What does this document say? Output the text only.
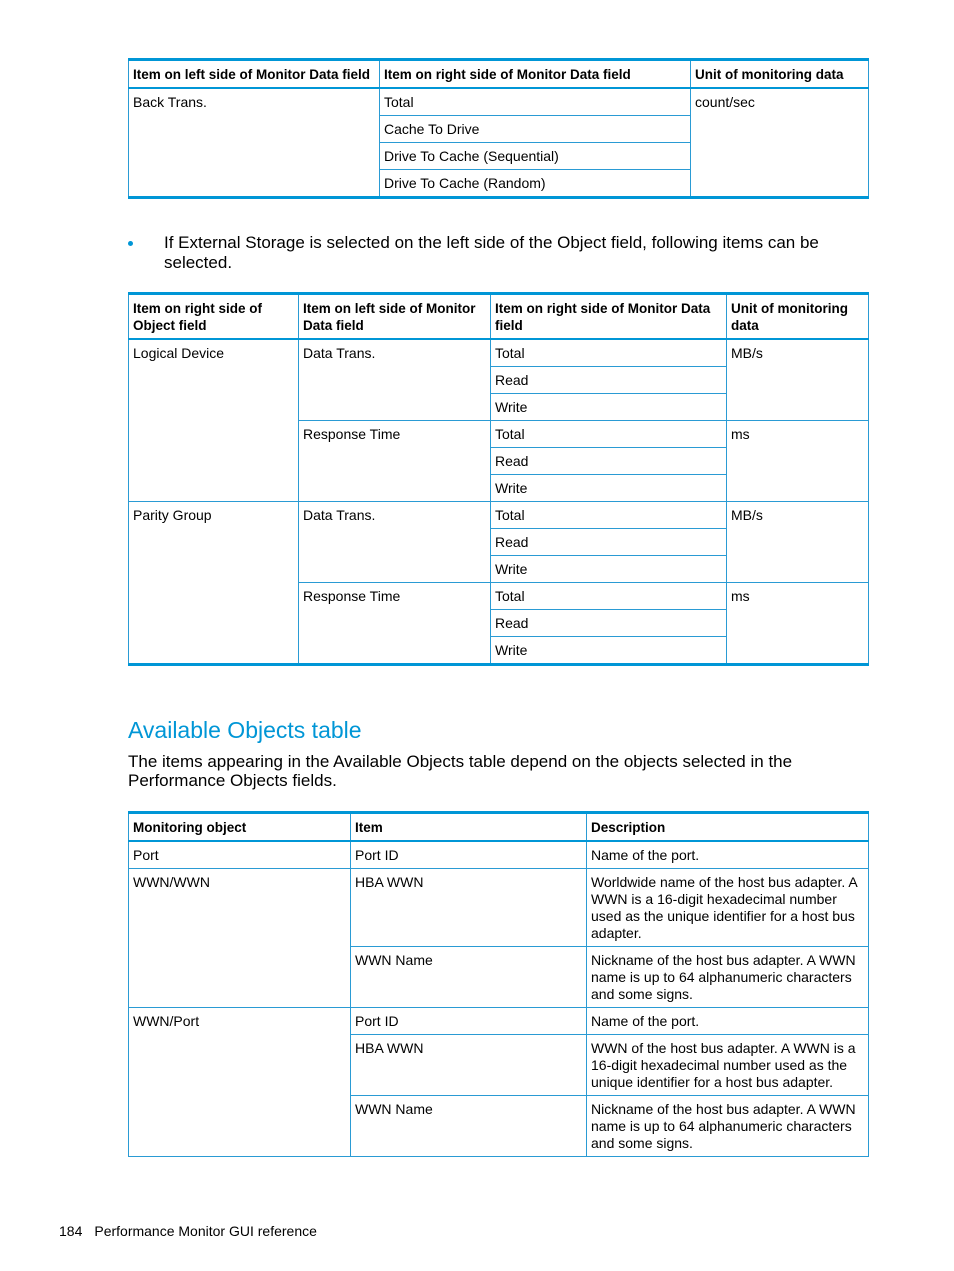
Item on left side of Monitor Data field	Item on right side of Monitor Data field	Unit of monitoring data
Back Trans.	Total	count/sec
	Cache To Drive	
	Drive To Cache (Sequential)	
	Drive To Cache (Random)	
If External Storage is selected on the left side of the Object field, following items can be selected.
Item on right side of Object field	Item on left side of Monitor Data field	Item on right side of Monitor Data field	Unit of monitoring data
Logical Device	Data Trans.	Total	MB/s
		Read	
		Write	
	Response Time	Total	ms
		Read	
		Write	
Parity Group	Data Trans.	Total	MB/s
		Read	
		Write	
	Response Time	Total	ms
		Read	
		Write	
Available Objects table

The items appearing in the Available Objects table depend on the objects selected in the Performance Objects fields.

Monitoring object	Item	Description
Port	Port ID	Name of the port.
WWN/WWN	HBA WWN	Worldwide name of the host bus adapter. A WWN is a 16-digit hexadecimal number used as the unique identifier for a host bus adapter.
	WWN Name	Nickname of the host bus adapter. A WWN name is up to 64 alphanumeric characters and some signs.
WWN/Port	Port ID	Name of the port.
	HBA WWN	WWN of the host bus adapter. A WWN is a 16-digit hexadecimal number used as the unique identifier for a host bus adapter.
	WWN Name	Nickname of the host bus adapter. A WWN name is up to 64 alphanumeric characters and some signs.
184 Performance Monitor GUI reference
